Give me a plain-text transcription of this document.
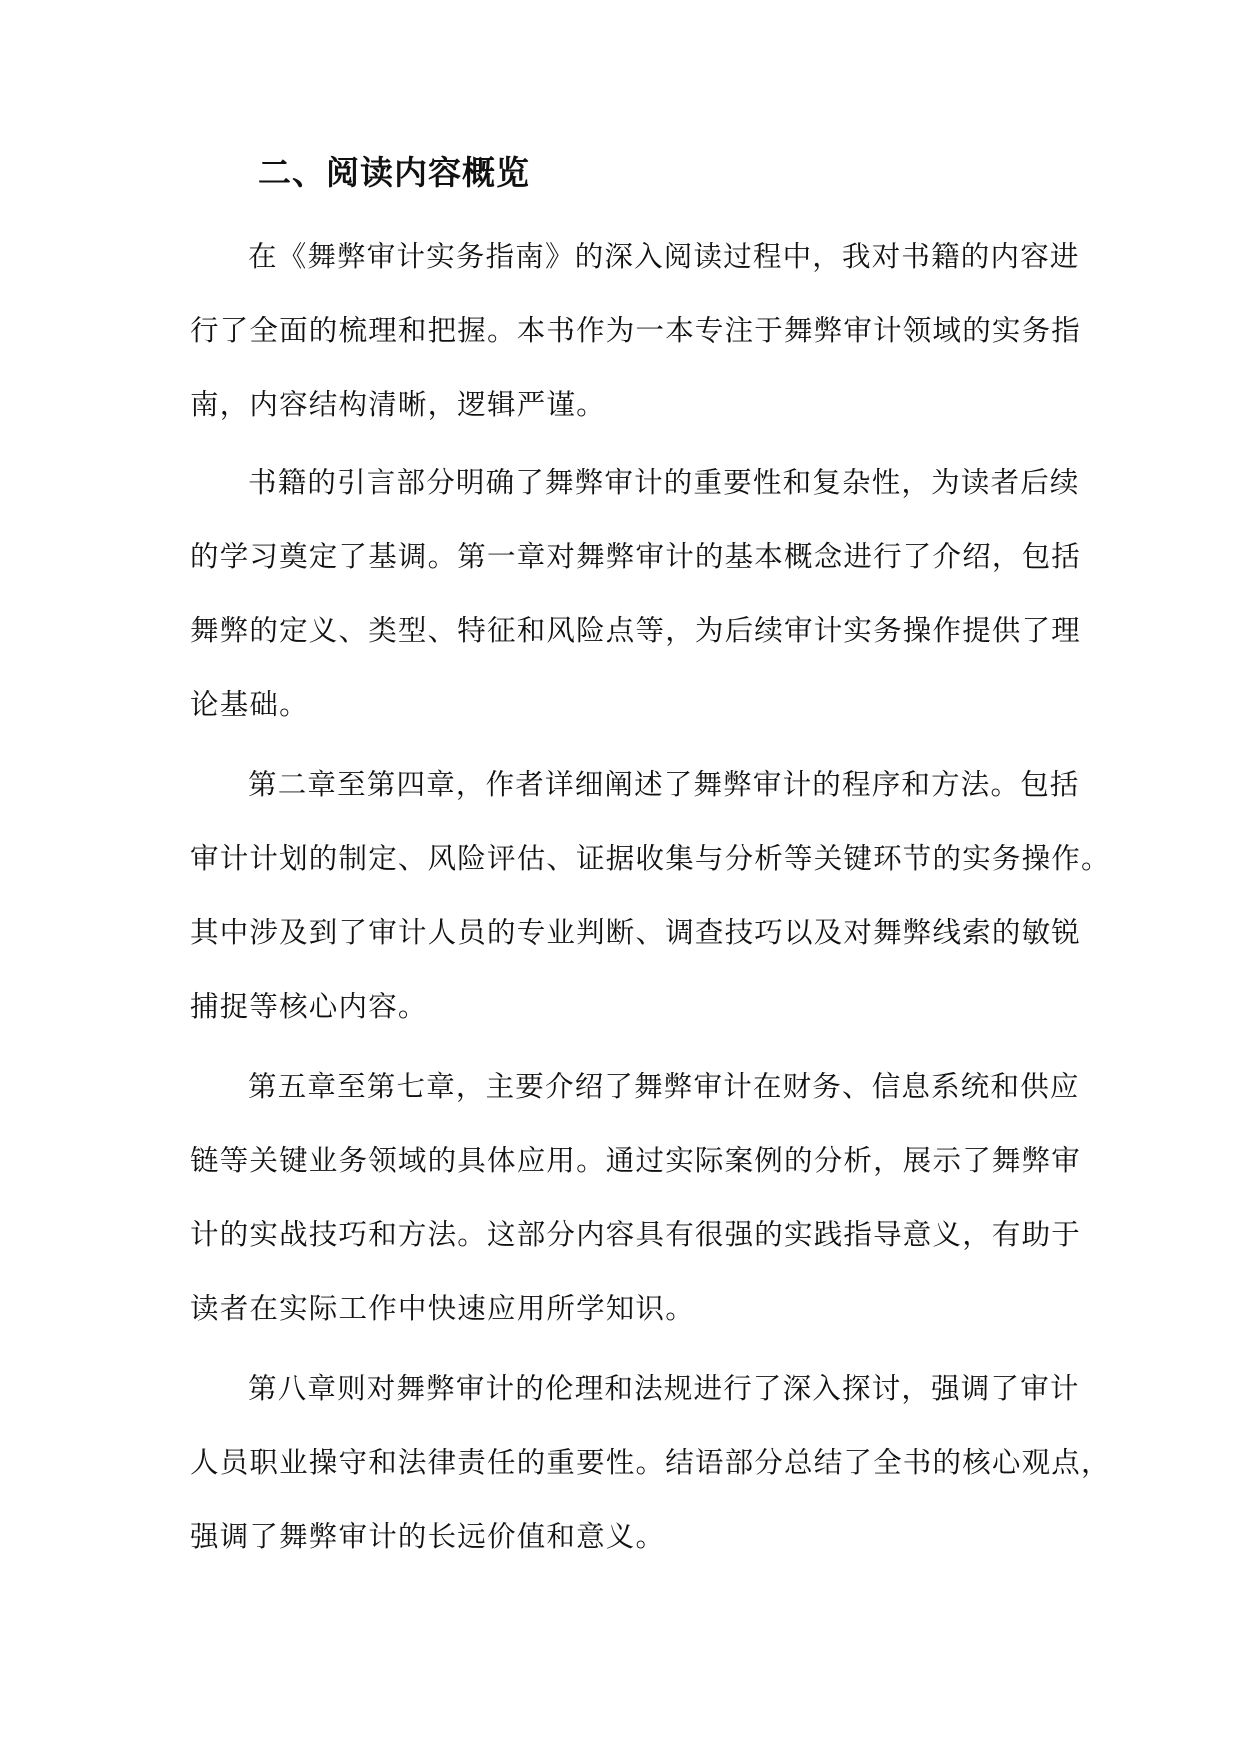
二、阅读内容概览

在《舞弊审计实务指南》的深入阅读过程中，我对书籍的内容进

行了全面的梳理和把握。本书作为一本专注于舞弊审计领域的实务指

南，内容结构清晰，逻辑严谨。

书籍的引言部分明确了舞弊审计的重要性和复杂性，为读者后续

的学习奠定了基调。第一章对舞弊审计的基本概念进行了介绍，包括

舞弊的定义、类型、特征和风险点等，为后续审计实务操作提供了理

论基础。

第二章至第四章，作者详细阐述了舞弊审计的程序和方法。包括

审计计划的制定、风险评估、证据收集与分析等关键环节的实务操作。

其中涉及到了审计人员的专业判断、调查技巧以及对舞弊线索的敏锐

捕捉等核心内容。

第五章至第七章，主要介绍了舞弊审计在财务、信息系统和供应

链等关键业务领域的具体应用。通过实际案例的分析，展示了舞弊审

计的实战技巧和方法。这部分内容具有很强的实践指导意义，有助于

读者在实际工作中快速应用所学知识。

第八章则对舞弊审计的伦理和法规进行了深入探讨，强调了审计

人员职业操守和法律责任的重要性。结语部分总结了全书的核心观点，

强调了舞弊审计的长远价值和意义。
